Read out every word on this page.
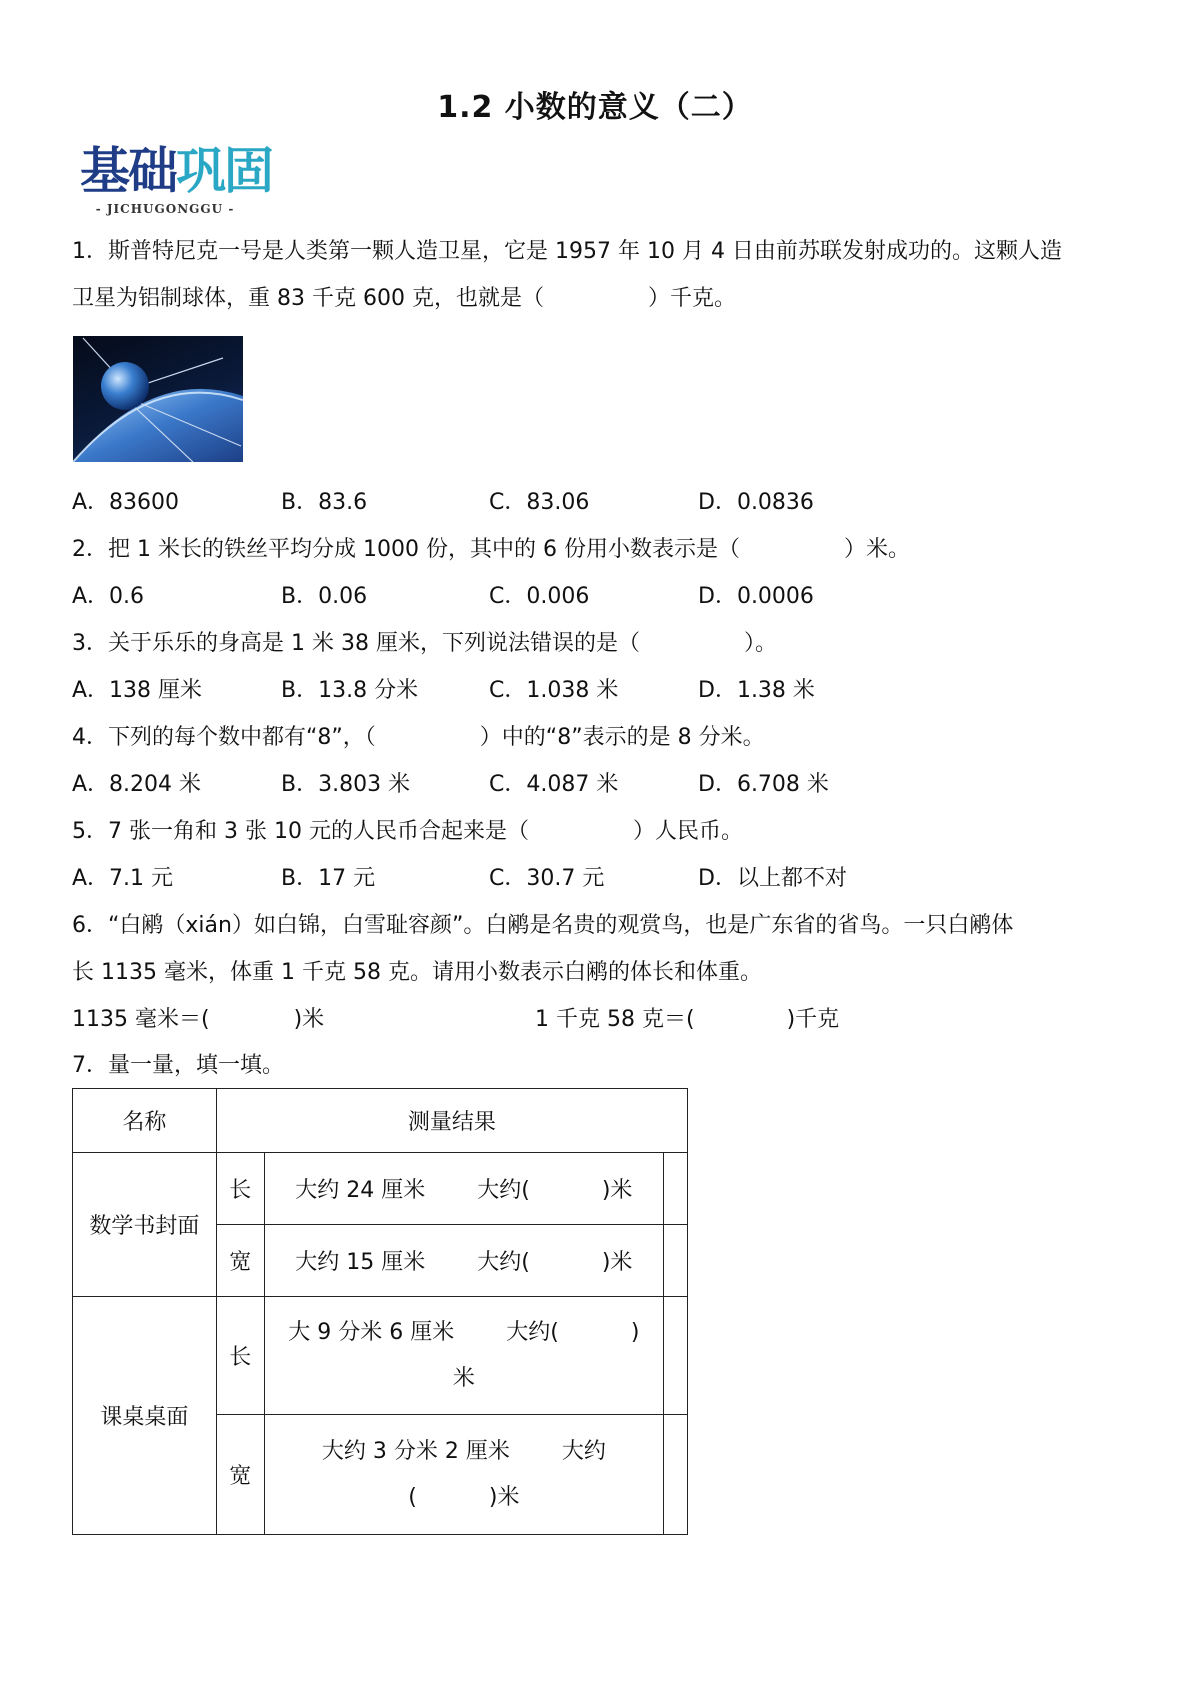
1.2 小数的意义（二）
基础巩固
- JICHUGONGGU -
1．斯普特尼克一号是人类第一颗人造卫星，它是 1957 年 10 月 4 日由前苏联发射成功的。这颗人造
卫星为铝制球体，重 83 千克 600 克，也就是（	）千克。
A．83600	B．83.6	C．83.06	D．0.0836
2．把 1 米长的铁丝平均分成 1000 份，其中的 6 份用小数表示是（	）米。
A．0.6	B．0.06	C．0.006	D．0.0006
3．关于乐乐的身高是 1 米 38 厘米，下列说法错误的是（	）。
A．138 厘米	B．13.8 分米	C．1.038 米	D．1.38 米
4．下列的每个数中都有“8”，（	）中的“8”表示的是 8 分米。
A．8.204 米	B．3.803 米	C．4.087 米	D．6.708 米
5．7 张一角和 3 张 10 元的人民币合起来是（	）人民币。
A．7.1 元	B．17 元	C．30.7 元	D．以上都不对
6．“白鹇（xián）如白锦，白雪耻容颜”。白鹇是名贵的观赏鸟，也是广东省的省鸟。一只白鹇体
长 1135 毫米，体重 1 千克 58 克。请用小数表示白鹇的体长和体重。
1135 毫米＝(	)米	1 千克 58 克＝(	)千克
7．量一量，填一填。
名称	测量结果		
数学书封面	长	大约 24 厘米 大约( )米	
	宽	大约 15 厘米 大约( )米	
课桌桌面	长	大 9 分米 6 厘米 大约( )
米	

	宽	大约 3 分米 2 厘米 大约
( )米	
